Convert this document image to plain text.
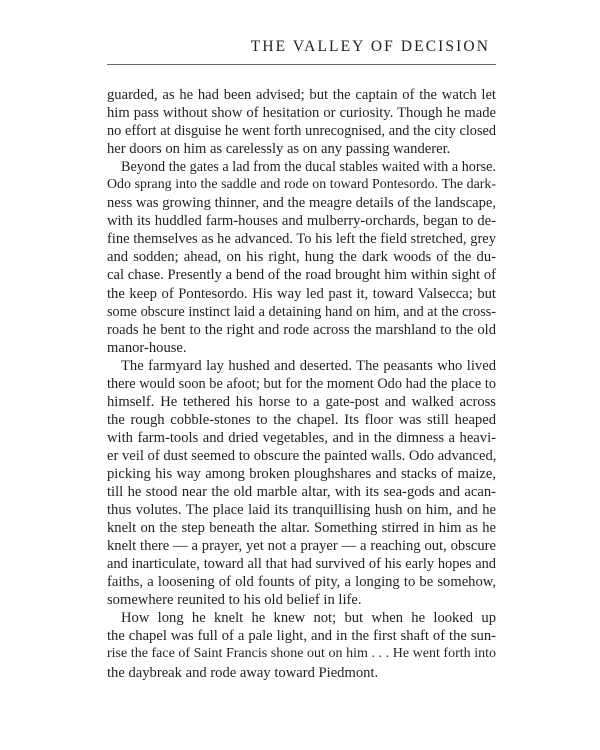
THE VALLEY OF DECISION
guarded, as he had been advised; but the captain of the watch let
him pass without show of hesitation or curiosity. Though he made
no effort at disguise he went forth unrecognised, and the city closed
her doors on him as carelessly as on any passing wanderer.
Beyond the gates a lad from the ducal stables waited with a horse.
Odo sprang into the saddle and rode on toward Pontesordo. The dark-
ness was growing thinner, and the meagre details of the landscape,
with its huddled farm-houses and mulberry-orchards, began to de-
fine themselves as he advanced. To his left the field stretched, grey
and sodden; ahead, on his right, hung the dark woods of the du-
cal chase. Presently a bend of the road brought him within sight of
the keep of Pontesordo. His way led past it, toward Valsecca; but
some obscure instinct laid a detaining hand on him, and at the cross-
roads he bent to the right and rode across the marshland to the old
manor-house.
The farmyard lay hushed and deserted. The peasants who lived
there would soon be afoot; but for the moment Odo had the place to
himself. He tethered his horse to a gate-post and walked across
the rough cobble-stones to the chapel. Its floor was still heaped
with farm-tools and dried vegetables, and in the dimness a heavi-
er veil of dust seemed to obscure the painted walls. Odo advanced,
picking his way among broken ploughshares and stacks of maize,
till he stood near the old marble altar, with its sea-gods and acan-
thus volutes. The place laid its tranquillising hush on him, and he
knelt on the step beneath the altar. Something stirred in him as he
knelt there — a prayer, yet not a prayer — a reaching out, obscure
and inarticulate, toward all that had survived of his early hopes and
faiths, a loosening of old founts of pity, a longing to be somehow,
somewhere reunited to his old belief in life.
How long he knelt he knew not; but when he looked up
the chapel was full of a pale light, and in the first shaft of the sun-
rise the face of Saint Francis shone out on him . . . He went forth into
the daybreak and rode away toward Piedmont.
